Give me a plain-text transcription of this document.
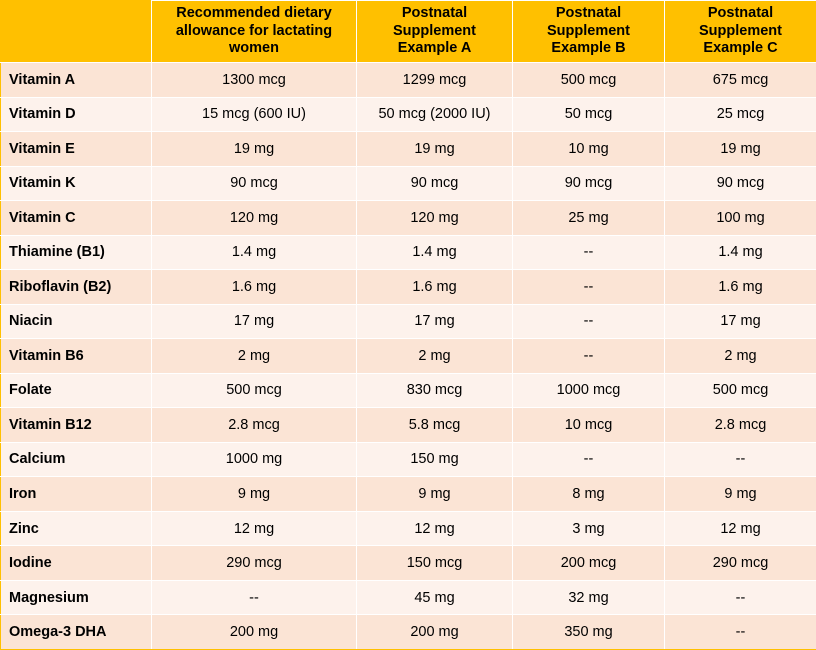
	Recommended dietary allowance for lactating women	Postnatal Supplement Example A	Postnatal Supplement Example B	Postnatal Supplement Example C
Vitamin A	1300 mcg	1299 mcg	500 mcg	675 mcg
Vitamin D	15 mcg (600 IU)	50 mcg (2000 IU)	50 mcg	25 mcg
Vitamin E	19 mg	19 mg	10 mg	19 mg
Vitamin K	90 mcg	90 mcg	90 mcg	90 mcg
Vitamin C	120 mg	120 mg	25 mg	100 mg
Thiamine (B1)	1.4 mg	1.4 mg	--	1.4 mg
Riboflavin (B2)	1.6 mg	1.6 mg	--	1.6 mg
Niacin	17 mg	17 mg	--	17 mg
Vitamin B6	2 mg	2 mg	--	2 mg
Folate	500 mcg	830 mcg	1000 mcg	500 mcg
Vitamin B12	2.8 mcg	5.8 mcg	10 mcg	2.8 mcg
Calcium	1000 mg	150 mg	--	--
Iron	9 mg	9 mg	8 mg	9 mg
Zinc	12 mg	12 mg	3 mg	12 mg
Iodine	290 mcg	150 mcg	200 mcg	290 mcg
Magnesium	--	45 mg	32 mg	--
Omega-3 DHA	200 mg	200 mg	350 mg	--
